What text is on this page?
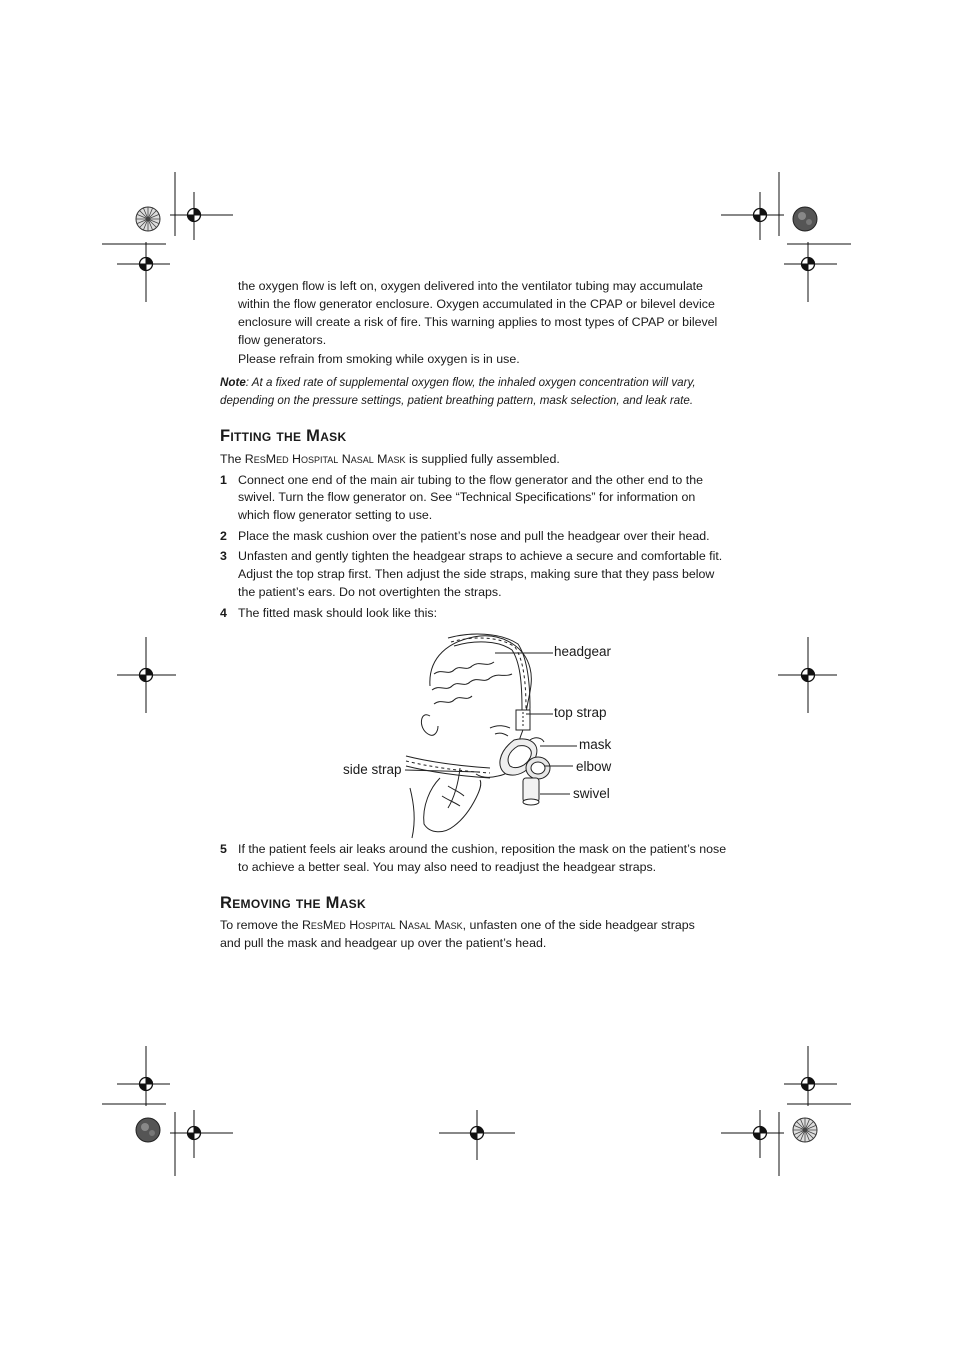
the oxygen flow is left on, oxygen delivered into the ventilator tubing may accumulate

within the flow generator enclosure. Oxygen accumulated in the CPAP or bilevel device

enclosure will create a risk of fire. This warning applies to most types of CPAP or bilevel

flow generators.

Please refrain from smoking while oxygen is in use.

Note: At a fixed rate of supplemental oxygen flow, the inhaled oxygen concentration will vary,

depending on the pressure settings, patient breathing pattern, mask selection, and leak rate.

Fitting the Mask

The ResMed Hospital Nasal Mask is supplied fully assembled.

1 Connect one end of the main air tubing to the flow generator and the other end to the

swivel. Turn the flow generator on. See “Technical Specifications” for information on

which flow generator setting to use.

2 Place the mask cushion over the patient’s nose and pull the headgear over their head.

3 Unfasten and gently tighten the headgear straps to achieve a secure and comfortable fit.

Adjust the top strap first. Then adjust the side straps, making sure that they pass below

the patient’s ears. Do not overtighten the straps.

4 The fitted mask should look like this:

5 If the patient feels air leaks around the cushion, reposition the mask on the patient’s nose

to achieve a better seal. You may also need to readjust the headgear straps.

Removing the Mask

To remove the ResMed Hospital Nasal Mask, unfasten one of the side headgear straps

and pull the mask and headgear up over the patient’s head.

headgear
top strap
mask
elbow
swivel
side strap
